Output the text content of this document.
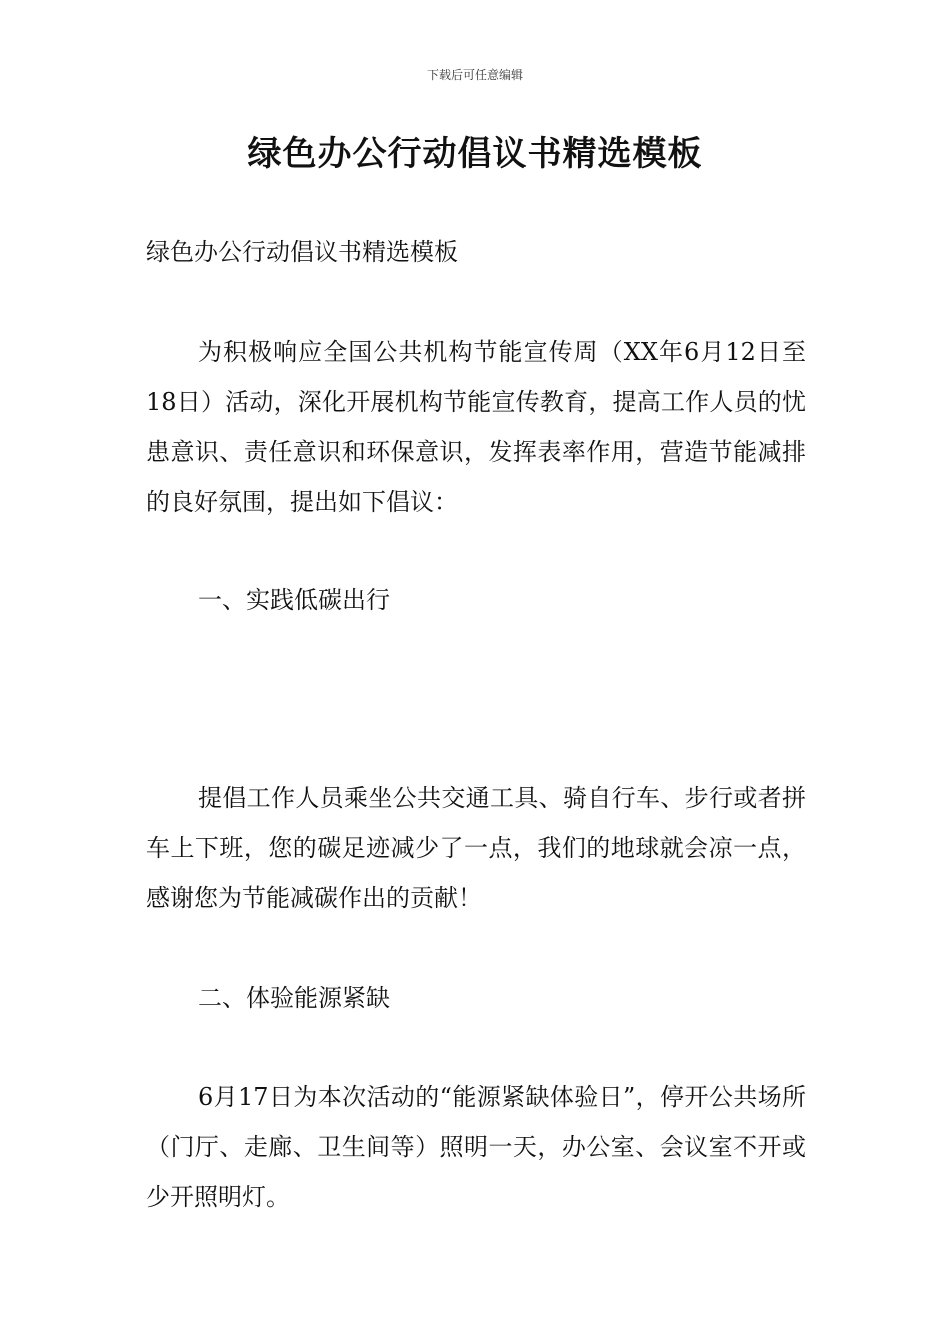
下载后可任意编辑
绿色办公行动倡议书精选模板
绿色办公行动倡议书精选模板

为积极响应全国公共机构节能宣传周（XX年6月12日至18日）活动，深化开展机构节能宣传教育，提高工作人员的忧患意识、责任意识和环保意识，发挥表率作用，营造节能减排的良好氛围，提出如下倡议：

一、实践低碳出行

提倡工作人员乘坐公共交通工具、骑自行车、步行或者拼车上下班，您的碳足迹减少了一点，我们的地球就会凉一点，感谢您为节能减碳作出的贡献！

二、体验能源紧缺

6月17日为本次活动的“能源紧缺体验日”，停开公共场所（门厅、走廊、卫生间等）照明一天，办公室、会议室不开或少开照明灯。
